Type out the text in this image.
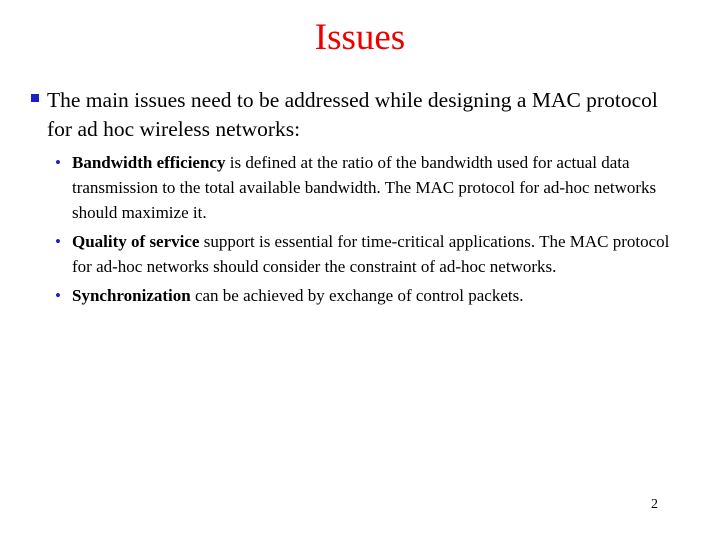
Issues
The main issues need to be addressed while designing a MAC protocol for ad hoc wireless networks:
• Bandwidth efficiency is defined at the ratio of the bandwidth used for actual data transmission to the total available bandwidth. The MAC protocol for ad-hoc networks should maximize it.
• Quality of service support is essential for time-critical applications. The MAC protocol for ad-hoc networks should consider the constraint of ad-hoc networks.
• Synchronization can be achieved by exchange of control packets.
2
